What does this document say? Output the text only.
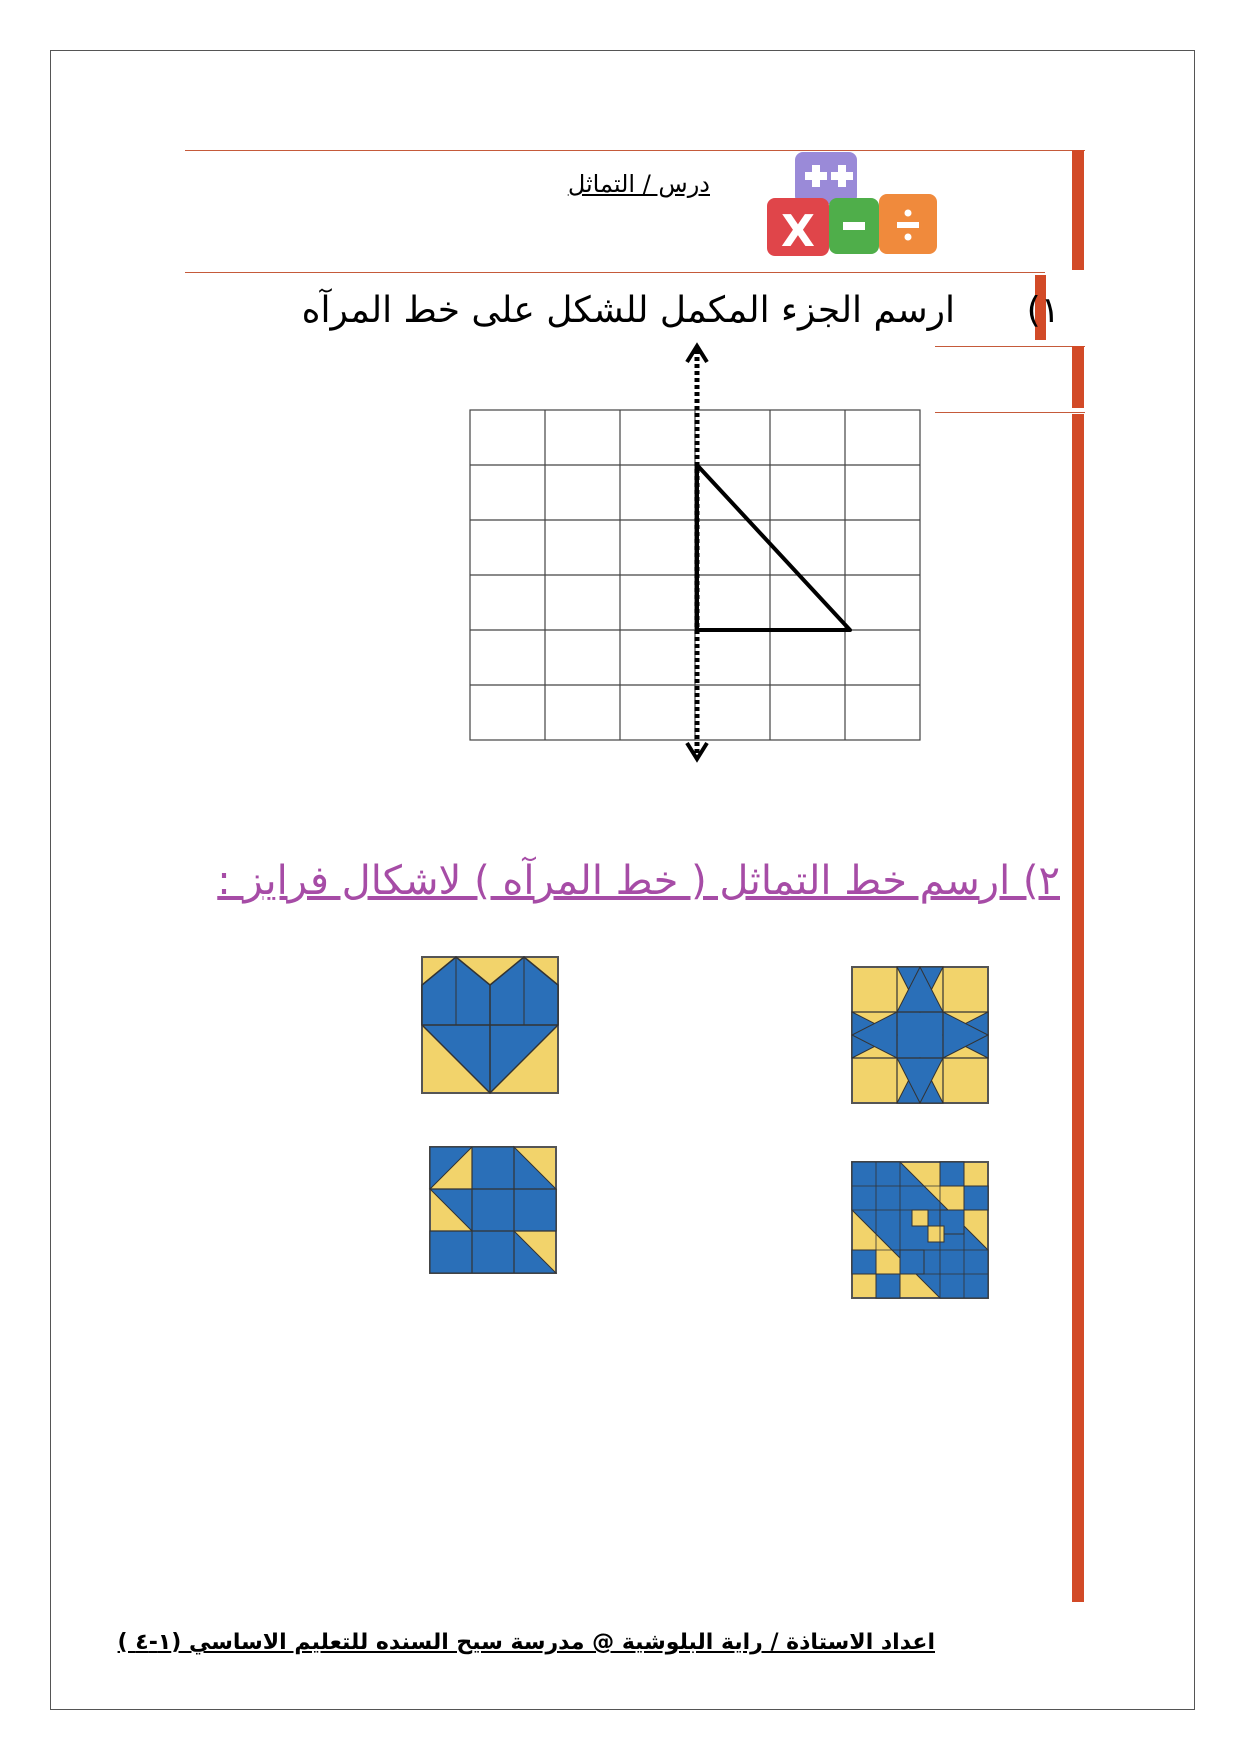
X
درس / التماثل
١)
ارسم الجزء المكمل للشكل على خط المرآه
٢) ارسم خط التماثل ( خط المرآه ) لاشكال فرايز :
اعداد الاستاذة / راية البلوشية @ مدرسة سيح السنده للتعليم الاساسي (١-٤ )
